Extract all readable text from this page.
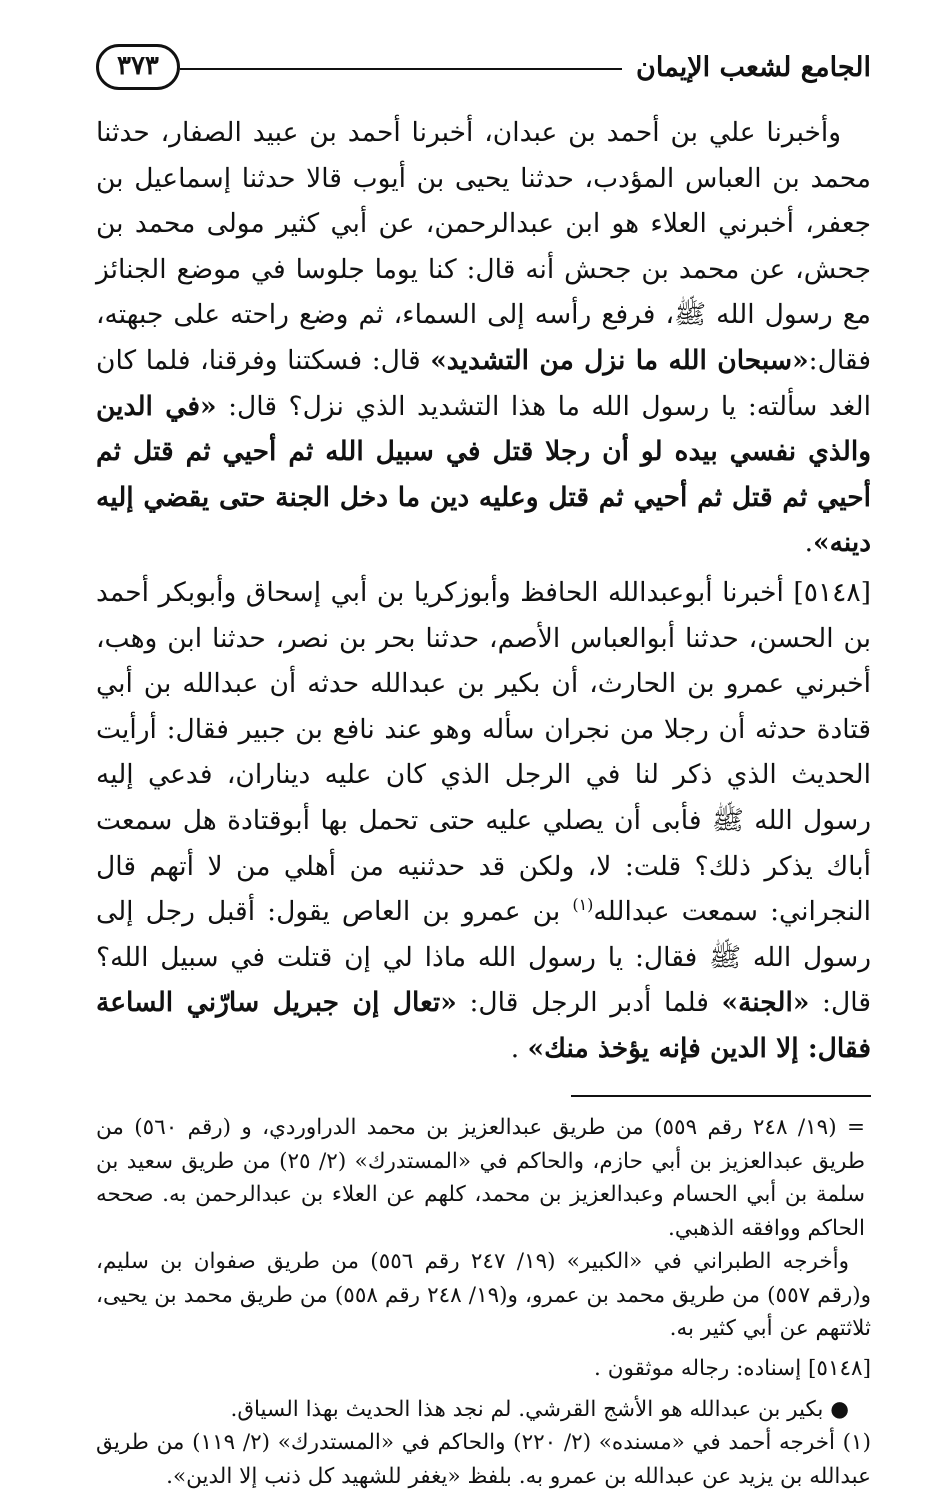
الجامع لشعب الإيمان
٣٧٣

وأخبرنا علي بن أحمد بن عبدان، أخبرنا أحمد بن عبيد الصفار، حدثنا محمد بن العباس المؤدب، حدثنا يحيى بن أيوب قالا حدثنا إسماعيل بن جعفر، أخبرني العلاء هو ابن عبدالرحمن، عن أبي كثير مولى محمد بن جحش، عن محمد بن جحش أنه قال: كنا يوما جلوسا في موضع الجنائز مع رسول الله ﷺ، فرفع رأسه إلى السماء، ثم وضع راحته على جبهته، فقال:«سبحان الله ما نزل من التشديد» قال: فسكتنا وفرقنا، فلما كان الغد سألته: يا رسول الله ما هذا التشديد الذي نزل؟ قال: «في الدين والذي نفسي بيده لو أن رجلا قتل في سبيل الله ثم أحيي ثم قتل ثم أحيي ثم قتل ثم أحيي ثم قتل وعليه دين ما دخل الجنة حتى يقضي إليه دينه».

[٥١٤٨] أخبرنا أبوعبدالله الحافظ وأبوزكريا بن أبي إسحاق وأبوبكر أحمد بن الحسن، حدثنا أبوالعباس الأصم، حدثنا بحر بن نصر، حدثنا ابن وهب، أخبرني عمرو بن الحارث، أن بكير بن عبدالله حدثه أن عبدالله بن أبي قتادة حدثه أن رجلا من نجران سأله وهو عند نافع بن جبير فقال: أرأيت الحديث الذي ذكر لنا في الرجل الذي كان عليه ديناران، فدعي إليه رسول الله ﷺ فأبى أن يصلي عليه حتى تحمل بها أبوقتادة هل سمعت أباك يذكر ذلك؟ قلت: لا، ولكن قد حدثنيه من أهلي من لا أتهم قال النجراني: سمعت عبدالله$^{(١)}$ بن عمرو بن العاص يقول: أقبل رجل إلى رسول الله ﷺ فقال: يا رسول الله ماذا لي إن قتلت في سبيل الله؟ قال: «الجنة» فلما أدبر الرجل قال: «تعال إن جبريل سارّني الساعة فقال: إلا الدين فإنه يؤخذ منك» .

= (١٩/ ٢٤٨ رقم ٥٥٩) من طريق عبدالعزيز بن محمد الدراوردي، و (رقم ٥٦٠) من طريق عبدالعزيز بن أبي حازم، والحاكم في «المستدرك» (٢/ ٢٥) من طريق سعيد بن سلمة بن أبي الحسام وعبدالعزيز بن محمد، كلهم عن العلاء بن عبدالرحمن به. صححه الحاكم ووافقه الذهبي.

وأخرجه الطبراني في «الكبير» (١٩/ ٢٤٧ رقم ٥٥٦) من طريق صفوان بن سليم، و(رقم ٥٥٧) من طريق محمد بن عمرو، و(١٩/ ٢٤٨ رقم ٥٥٨) من طريق محمد بن يحيى، ثلاثتهم عن أبي كثير به.

[٥١٤٨] إسناده: رجاله موثقون .

● بكير بن عبدالله هو الأشج القرشي. لم نجد هذا الحديث بهذا السياق.

(١) أخرجه أحمد في «مسنده» (٢/ ٢٢٠) والحاكم في «المستدرك» (٢/ ١١٩) من طريق عبدالله بن يزيد عن عبدالله بن عمرو به. بلفظ «يغفر للشهيد كل ذنب إلا الدين».
